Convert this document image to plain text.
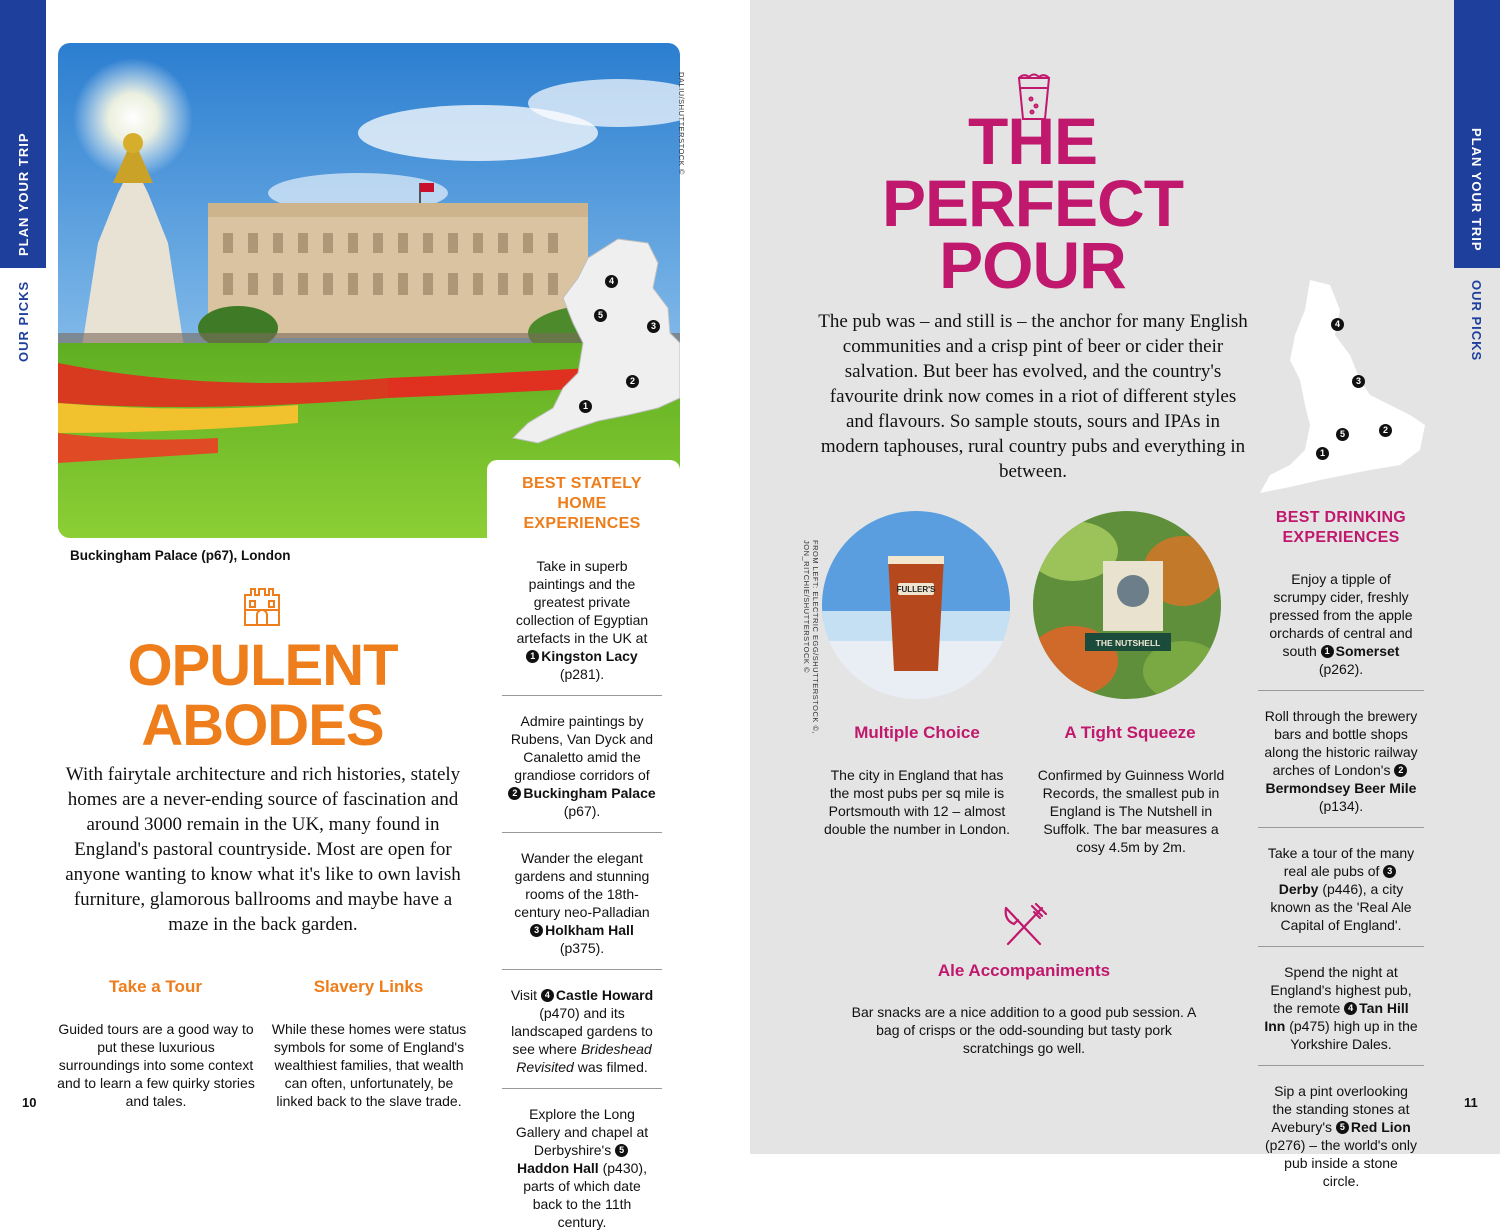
PLAN YOUR TRIP
OUR PICKS
DALIU/SHUTTERSTOCK ©
4
5
3
2
1
Buckingham Palace (p67), London
OPULENT
ABODES
With fairytale architecture and rich histories, stately homes are a never-ending source of fascination and around 3000 remain in the UK, many found in England's pastoral countryside. Most are open for anyone wanting to know what it's like to own lavish furniture, glamorous ballrooms and maybe have a maze in the back garden.
Take a Tour
Guided tours are a good way to put these luxurious surroundings into some context and to learn a few quirky stories and tales.
Slavery Links
While these homes were status symbols for some of England's wealthiest families, that wealth can often, unfortunately, be linked back to the slave trade.
BEST STATELY HOME
EXPERIENCES
Take in superb paintings and the greatest private collection of Egyptian artefacts in the UK at 1 Kingston Lacy (p281).
Admire paintings by Rubens, Van Dyck and Canaletto amid the grandiose corridors of 2 Buckingham Palace (p67).
Wander the elegant gardens and stunning rooms of the 18th-century neo-Palladian 3 Holkham Hall (p375).
Visit 4 Castle Howard (p470) and its landscaped gardens to see where Brideshead Revisited was filmed.
Explore the Long Gallery and chapel at Derbyshire's 5Haddon Hall (p430), parts of which date back to the 11th century.
10
PLAN YOUR TRIP
OUR PICKS
THE
PERFECT
POUR
The pub was – and still is – the anchor for many English communities and a crisp pint of beer or cider their salvation. But beer has evolved, and the country's favourite drink now comes in a riot of different styles and flavours. So sample stouts, sours and IPAs in modern taphouses, rural country pubs and everything in between.
4
3
2
5
1
FROM LEFT: ELECTRIC EGG/SHUTTERSTOCK ©,
JON_RITCHIE/SHUTTERSTOCK ©	FULLER'S
THE NUTSHELL
Multiple Choice
The city in England that has the most pubs per sq mile is Portsmouth with 12 – almost double the number in London.
A Tight Squeeze
Confirmed by Guinness World Records, the smallest pub in England is The Nutshell in Suffolk. The bar measures a cosy 4.5m by 2m.
Ale Accompaniments
Bar snacks are a nice addition to a good pub session. A bag of crisps or the odd-sounding but tasty pork scratchings go well.
BEST DRINKING
EXPERIENCES
Enjoy a tipple of scrumpy cider, freshly pressed from the apple orchards of central and south 1 Somerset (p262).
Roll through the brewery bars and bottle shops along the historic railway arches of London's 2Bermondsey Beer Mile (p134).
Take a tour of the many real ale pubs of 3Derby (p446), a city known as the 'Real Ale Capital of England'.
Spend the night at England's highest pub, the remote 4 Tan Hill Inn (p475) high up in the Yorkshire Dales.
Sip a pint overlooking the standing stones at Avebury's 5 Red Lion (p276) – the world's only pub inside a stone circle.
11
